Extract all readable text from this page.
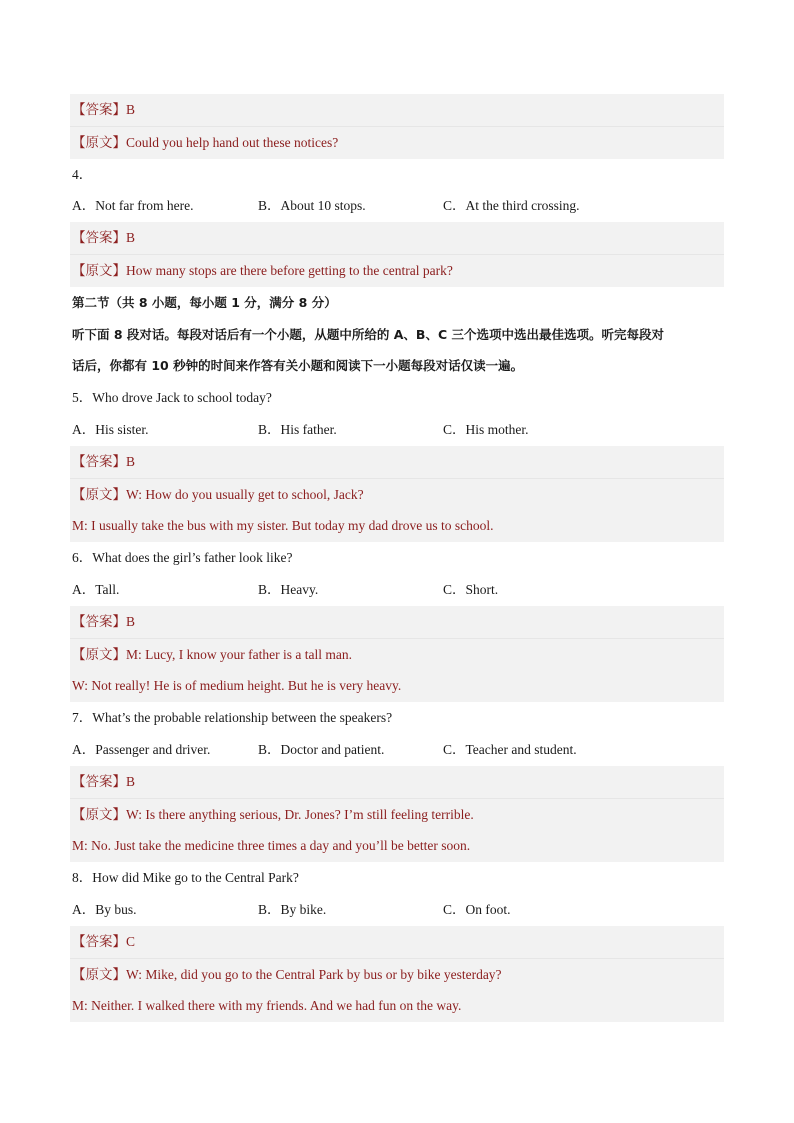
【答案】B
【原文】Could you help hand out these notices?
4．
A．Not far from here.	B．About 10 stops.	C．At the third crossing.
【答案】B
【原文】How many stops are there before getting to the central park?
第二节（共 8 小题，每小题 1 分，满分 8 分）
听下面 8 段对话。每段对话后有一个小题，从题中所给的 A、B、C 三个选项中选出最佳选项。听完每段对
话后，你都有 10 秒钟的时间来作答有关小题和阅读下一小题每段对话仅读一遍。
5．Who drove Jack to school today?
A．His sister.	B．His father.	C．His mother.
【答案】B
【原文】W: How do you usually get to school, Jack?
M: I usually take the bus with my sister. But today my dad drove us to school.
6．What does the girl’s father look like?
A．Tall.	B．Heavy.	C．Short.
【答案】B
【原文】M: Lucy, I know your father is a tall man.
W: Not really! He is of medium height. But he is very heavy.
7．What’s the probable relationship between the speakers?
A．Passenger and driver.	B．Doctor and patient.	C．Teacher and student.
【答案】B
【原文】W: Is there anything serious, Dr. Jones? I’m still feeling terrible.
M: No. Just take the medicine three times a day and you’ll be better soon.
8．How did Mike go to the Central Park?
A．By bus.	B．By bike.	C．On foot.
【答案】C
【原文】W: Mike, did you go to the Central Park by bus or by bike yesterday?
M: Neither. I walked there with my friends. And we had fun on the way.
